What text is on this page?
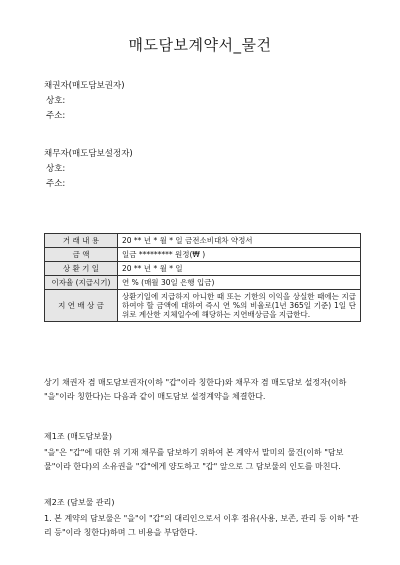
매도담보계약서_물건
채권자(매도담보권자)
상호:
주소:
채무자(매도담보설정자)
상호:
주소:
거 래 내 용	20 ** 년 * 월 * 일 금전소비대차 약정서
금 액	일금 ********* 원정(₩ )
상 환 기 일	20 ** 년 * 월 * 일
이자율 (지급시기)	연 % (매월 30일 은행 입금)
지 연 배 상 금	상환기일에 지급하지 아니한 때 또는 기한의 이익을 상실한 때에는 지급하여야 할 금액에 대하여 즉시 연 %의 비율로(1년 365일 기준) 1일 단위로 계산한 지체일수에 해당하는 지연배상금을 지급한다.
상기 채권자 겸 매도담보권자(이하 "갑"이라 칭한다)와 채무자 겸 매도담보 설정자(이하 "을"이라 칭한다)는 다음과 같이 매도담보 설정계약을 체결한다.
제1조 (매도담보물)
"을"은 "갑"에 대한 위 기재 채무를 담보하기 위하여 본 계약서 말미의 물건(이하 "담보물"이라 한다)의 소유권을 "갑"에게 양도하고 "갑" 앞으로 그 담보물의 인도를 마친다.
제2조 (담보물 관리)
1. 본 계약의 담보물은 "을"이 "갑"의 대리인으로서 이후 점유(사용, 보존, 관리 등 이하 "관리 등"이라 칭한다)하며 그 비용을 부담한다.
